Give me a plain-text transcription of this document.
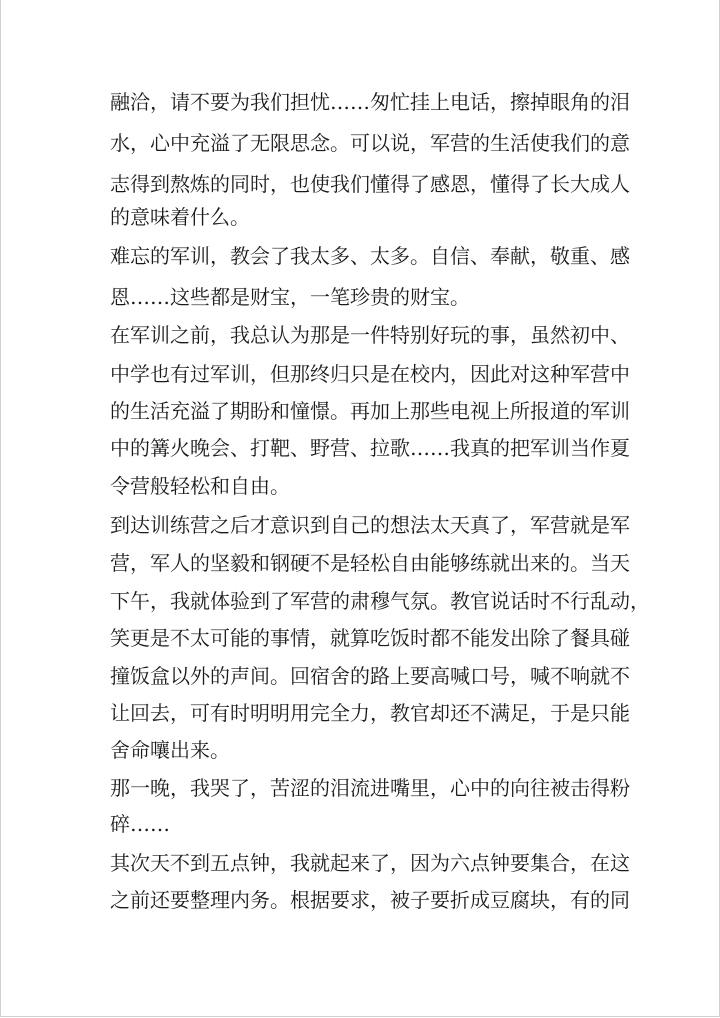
融洽，请不要为我们担忧……匆忙挂上电话，擦掉眼角的泪
水，心中充溢了无限思念。可以说，军营的生活使我们的意
志得到熬炼的同时，也使我们懂得了感恩，懂得了长大成人
的意味着什么。
难忘的军训，教会了我太多、太多。自信、奉献，敬重、感
恩……这些都是财宝，一笔珍贵的财宝。
在军训之前，我总认为那是一件特别好玩的事，虽然初中、
中学也有过军训，但那终归只是在校内，因此对这种军营中
的生活充溢了期盼和憧憬。再加上那些电视上所报道的军训
中的篝火晚会、打靶、野营、拉歌……我真的把军训当作夏
令营般轻松和自由。
到达训练营之后才意识到自己的想法太天真了，军营就是军
营，军人的坚毅和钢硬不是轻松自由能够练就出来的。当天
下午，我就体验到了军营的肃穆气氛。教官说话时不行乱动，
笑更是不太可能的事情，就算吃饭时都不能发出除了餐具碰
撞饭盒以外的声间。回宿舍的路上要高喊口号，喊不响就不
让回去，可有时明明用完全力，教官却还不满足，于是只能
舍命嚷出来。
那一晚，我哭了，苦涩的泪流进嘴里，心中的向往被击得粉
碎……
其次天不到五点钟，我就起来了，因为六点钟要集合，在这
之前还要整理内务。根据要求，被子要折成豆腐块，有的同
